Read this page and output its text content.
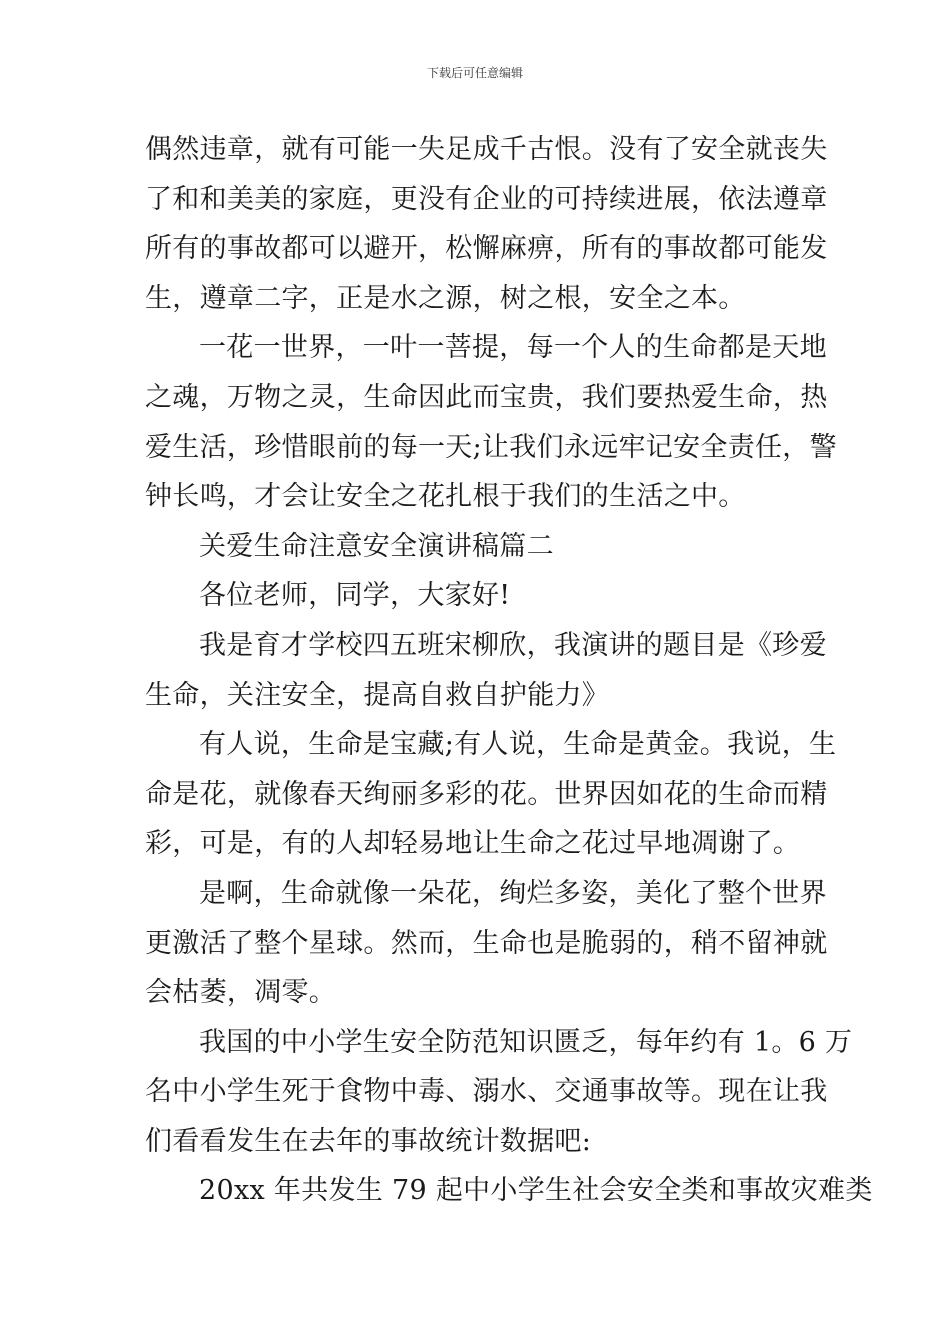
下载后可任意编辑
偶然违章，就有可能一失足成千古恨。没有了安全就丧失
了和和美美的家庭，更没有企业的可持续进展，依法遵章
所有的事故都可以避开，松懈麻痹，所有的事故都可能发
生，遵章二字，正是水之源，树之根，安全之本。
一花一世界，一叶一菩提，每一个人的生命都是天地
之魂，万物之灵，生命因此而宝贵，我们要热爱生命，热
爱生活，珍惜眼前的每一天;让我们永远牢记安全责任，警
钟长鸣，才会让安全之花扎根于我们的生活之中。
关爱生命注意安全演讲稿篇二
各位老师，同学，大家好!
我是育才学校四五班宋柳欣，我演讲的题目是《珍爱
生命，关注安全，提高自救自护能力》
有人说，生命是宝藏;有人说，生命是黄金。我说，生
命是花，就像春天绚丽多彩的花。世界因如花的生命而精
彩，可是，有的人却轻易地让生命之花过早地凋谢了。
是啊，生命就像一朵花，绚烂多姿，美化了整个世界
更激活了整个星球。然而，生命也是脆弱的，稍不留神就
会枯萎，凋零。
我国的中小学生安全防范知识匮乏，每年约有 1。6 万
名中小学生死于食物中毒、溺水、交通事故等。现在让我
们看看发生在去年的事故统计数据吧:
20xx 年共发生 79 起中小学生社会安全类和事故灾难类
